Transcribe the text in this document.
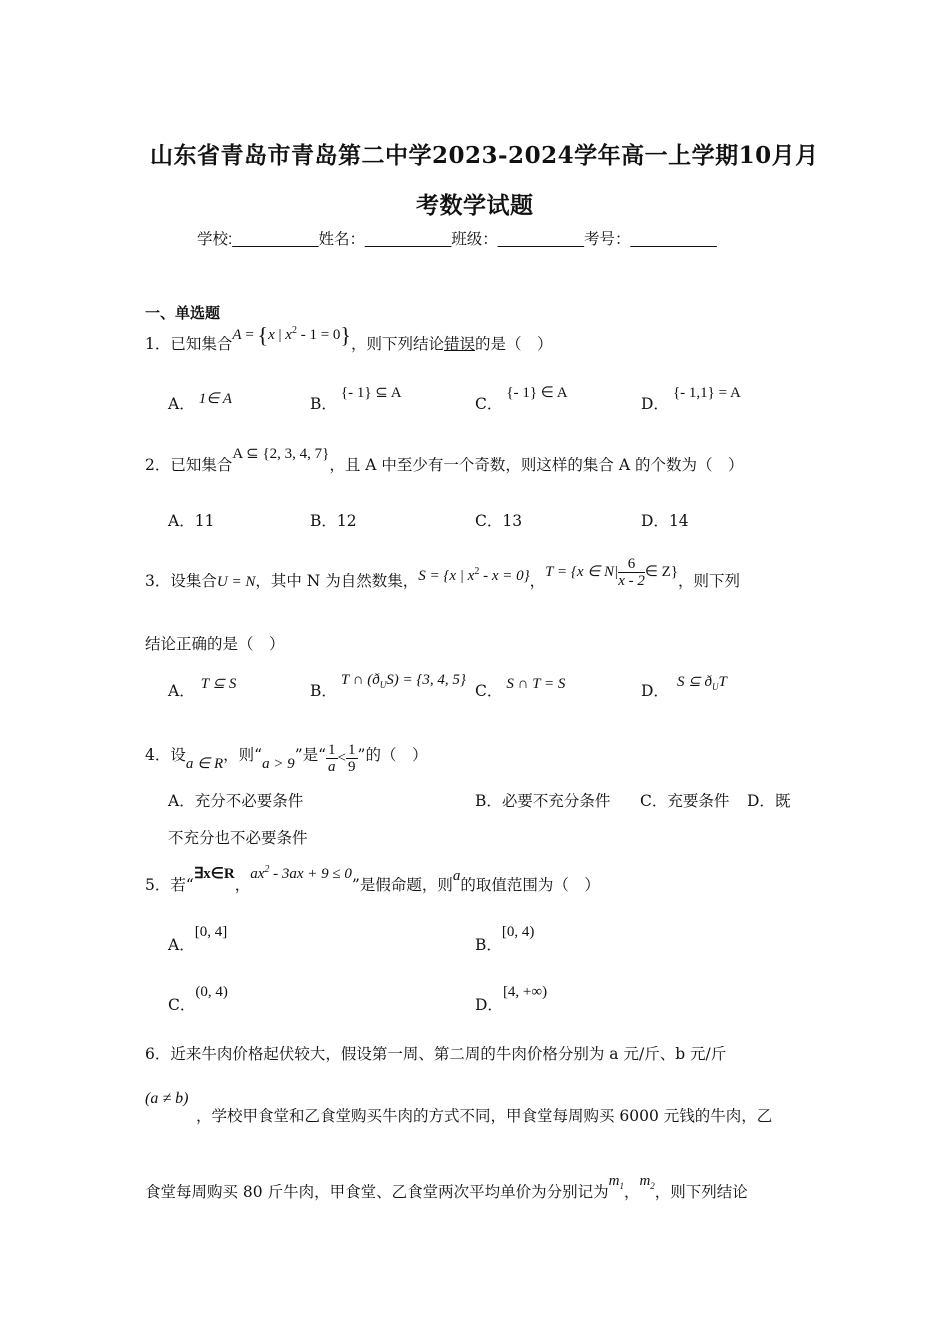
山东省青岛市青岛第二中学2023-2024学年高一上学期10月月
考数学试题
学校:__________姓名：__________班级：__________考号：__________
一、单选题
1．已知集合A = {x | $x^2 - 1 = 0$}，则下列结论错误的是（　）
A． 1∈ A	B．{- 1} ⊆ A
C．{- 1} ∈ A
D．{- 1,1} = A
2．已知集合A ⊆ {2, 3, 4, 7}，且 A 中至少有一个奇数，则这样的集合 A 的个数为（　）
A．11	B．12	C．13	D．14
3．设集合U = N，其中 N 为自然数集，S = {x | $x^2 - x = 0$}，T = {x ∈ $N| \frac{6}{x - 2}$ ∈ Z}，则下列
结论正确的是（　）
A． T ⊆ S	B．T ∩ $(ð_US) = \{3$, 4, 5}
C． S ∩ T = S	D． S ⊆ $ð_UT$
4．设a ∈ R，则“a > 9”是“ $\frac{1}{a} < \frac{1}{9}$ ”的（　）
A．充分不必要条件	B．必要不充分条件 C．充要条件 D．既
不充分也不必要条件
5．若“∃x∈R，$ax^2 - 3ax + 9 \le 0$”是假命题，则a的取值范围为（　）
A．[0, 4]
B．[0, 4)
C．(0, 4)
D．[4, +∞)
6．近来牛肉价格起伏较大，假设第一周、第二周的牛肉价格分别为 a 元/斤、b 元/斤
(a ≠ b)
，学校甲食堂和乙食堂购买牛肉的方式不同，甲食堂每周购买 6000 元钱的牛肉，乙
食堂每周购买 80 斤牛肉，甲食堂、乙食堂两次平均单价为分别记为$m_1$，$m_2$，则下列结论
